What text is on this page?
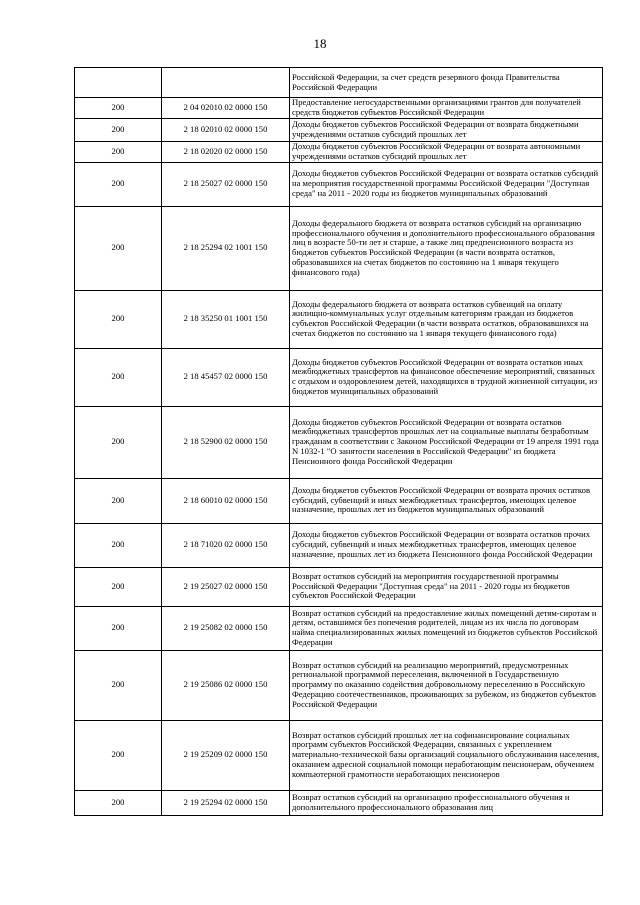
18
		Российской Федерации, за счет средств резервного фонда Правительства Российской Федерации
200	2 04 02010 02 0000 150	Предоставление негосударственными организациями грантов для получателей средств бюджетов субъектов Российской Федерации
200	2 18 02010 02 0000 150	Доходы бюджетов субъектов Российской Федерации от возврата бюджетными учреждениями остатков субсидий прошлых лет
200	2 18 02020 02 0000 150	Доходы бюджетов субъектов Российской Федерации от возврата автономными учреждениями остатков субсидий прошлых лет
200	2 18 25027 02 0000 150	Доходы бюджетов субъектов Российской Федерации от возврата остатков субсидий на мероприятия государственной программы Российской Федерации "Доступная среда" на 2011 - 2020 годы из бюджетов муниципальных образований
200	2 18 25294 02 1001 150	Доходы федерального бюджета от возврата остатков субсидий на организацию профессионального обучения и дополнительного профессионального образования лиц в возрасте 50-ти лет и старше, а также лиц предпенсионного возраста из бюджетов субъектов Российской Федерации (в части возврата остатков, образовавшихся на счетах бюджетов по состоянию на 1 января текущего финансового года)
200	2 18 35250 01 1001 150	Доходы федерального бюджета от возврата остатков субвенций на оплату жилищно-коммунальных услуг отдельным категориям граждан из бюджетов субъектов Российской Федерации (в части возврата остатков, образовавшихся на счетах бюджетов по состоянию на 1 января текущего финансового года)
200	2 18 45457 02 0000 150	Доходы бюджетов субъектов Российской Федерации от возврата остатков иных межбюджетных трансфертов на финансовое обеспечение мероприятий, связанных с отдыхом и оздоровлением детей, находящихся в трудной жизненной ситуации, из бюджетов муниципальных образований
200	2 18 52900 02 0000 150	Доходы бюджетов субъектов Российской Федерации от возврата остатков межбюджетных трансфертов прошлых лет на социальные выплаты безработным гражданам в соответствии с Законом Российской Федерации от 19 апреля 1991 года N 1032-1 "О занятости населения в Российской Федерации" из бюджета Пенсионного фонда Российской Федерации
200	2 18 60010 02 0000 150	Доходы бюджетов субъектов Российской Федерации от возврата прочих остатков субсидий, субвенций и иных межбюджетных трансфертов, имеющих целевое назначение, прошлых лет из бюджетов муниципальных образований
200	2 18 71020 02 0000 150	Доходы бюджетов субъектов Российской Федерации от возврата остатков прочих субсидий, субвенций и иных межбюджетных трансфертов, имеющих целевое назначение, прошлых лет из бюджета Пенсионного фонда Российской Федерации
200	2 19 25027 02 0000 150	Возврат остатков субсидий на мероприятия государственной программы Российской Федерации "Доступная среда" на 2011 - 2020 годы из бюджетов субъектов Российской Федерации
200	2 19 25082 02 0000 150	Возврат остатков субсидий на предоставление жилых помещений детям-сиротам и детям, оставшимся без попечения родителей, лицам из их числа по договорам найма специализированных жилых помещений из бюджетов субъектов Российской Федерации
200	2 19 25086 02 0000 150	Возврат остатков субсидий на реализацию мероприятий, предусмотренных региональной программой переселения, включенной в Государственную программу по оказанию содействия добровольному переселению в Российскую Федерацию соотечественников, проживающих за рубежом, из бюджетов субъектов Российской Федерации
200	2 19 25209 02 0000 150	Возврат остатков субсидий прошлых лет на софинансирование социальных программ субъектов Российской Федерации, связанных с укреплением материально-технической базы организаций социального обслуживания населения, оказанием адресной социальной помощи неработающим пенсионерам, обучением компьютерной грамотности неработающих пенсионеров
200	2 19 25294 02 0000 150	Возврат остатков субсидий на организацию профессионального обучения и дополнительного профессионального образования лиц
